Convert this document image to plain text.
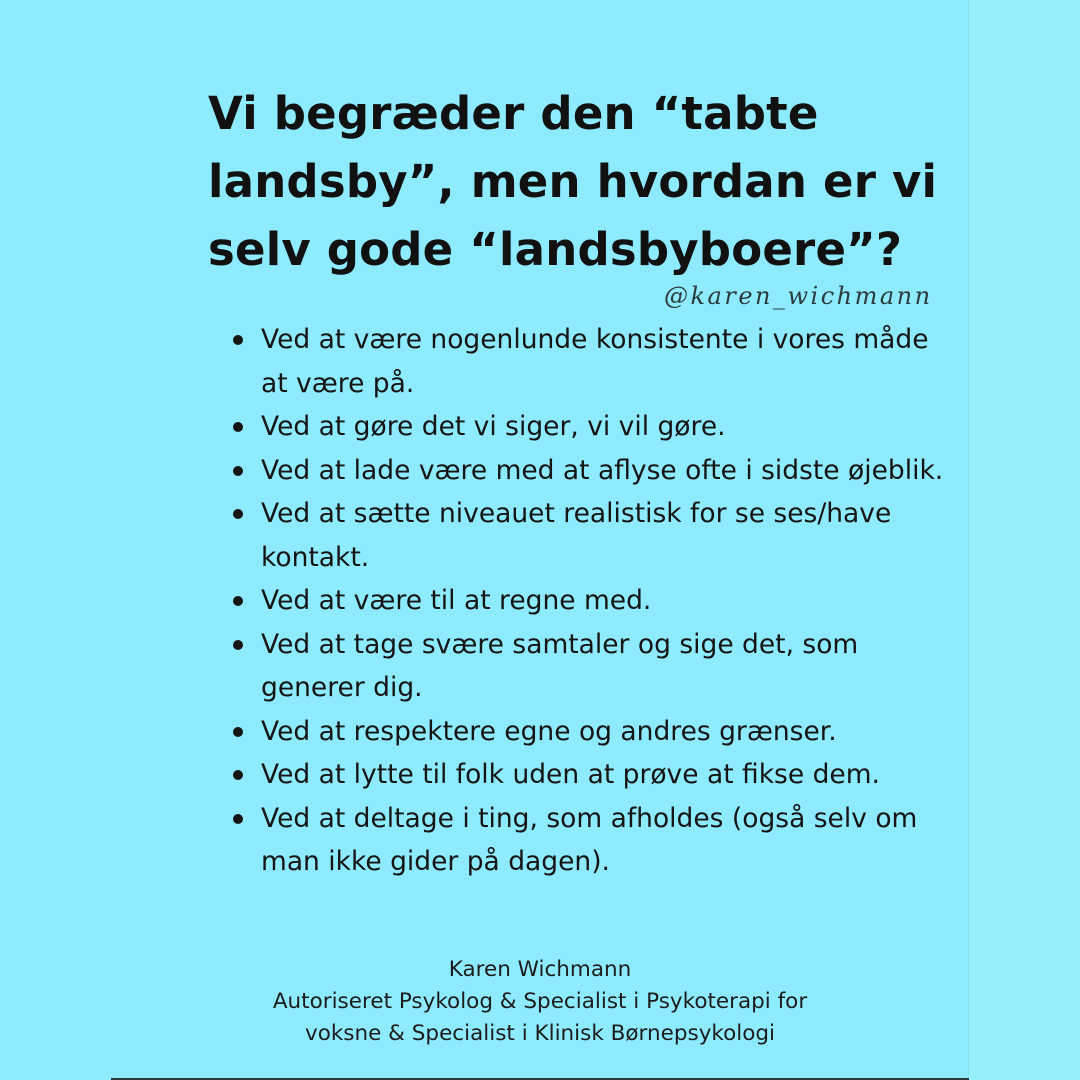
Vi begræder den “tabte landsby”, men hvordan er vi selv gode “landsbyboere”?
@karen_wichmann
Ved at være nogenlunde konsistente i vores måde at være på.
Ved at gøre det vi siger, vi vil gøre.
Ved at lade være med at aflyse ofte i sidste øjeblik.
Ved at sætte niveauet realistisk for se ses/have kontakt.
Ved at være til at regne med.
Ved at tage svære samtaler og sige det, som generer dig.
Ved at respektere egne og andres grænser.
Ved at lytte til folk uden at prøve at fikse dem.
Ved at deltage i ting, som afholdes (også selv om man ikke gider på dagen).
Karen Wichmann
Autoriseret Psykolog & Specialist i Psykoterapi for
voksne & Specialist i Klinisk Børnepsykologi
